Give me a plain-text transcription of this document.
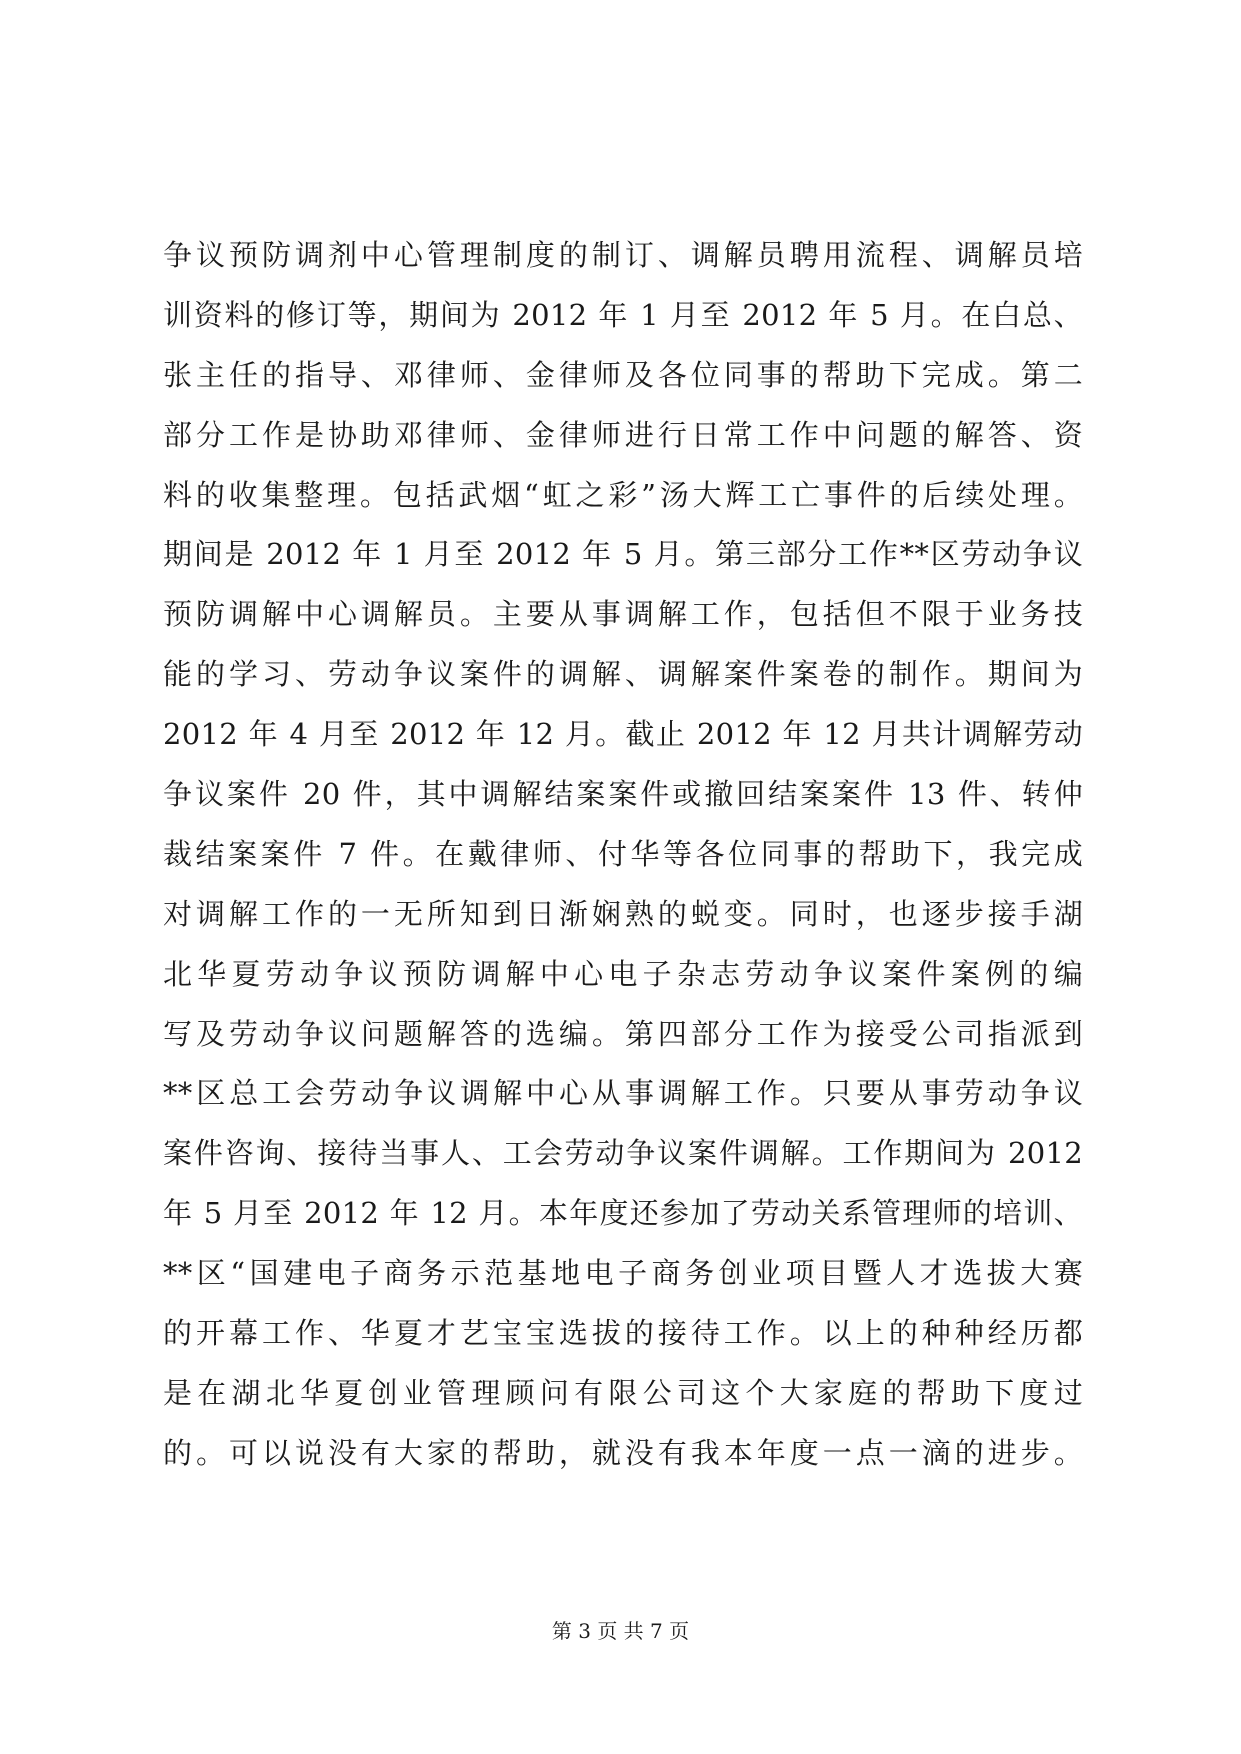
争议预防调剂中心管理制度的制订、调解员聘用流程、调解员培
训资料的修订等，期间为 2012 年 1 月至 2012 年 5 月。在白总、
张主任的指导、邓律师、金律师及各位同事的帮助下完成。第二
部分工作是协助邓律师、金律师进行日常工作中问题的解答、资
料的收集整理。包括武烟“虹之彩”汤大辉工亡事件的后续处理。
期间是 2012 年 1 月至 2012 年 5 月。第三部分工作**区劳动争议
预防调解中心调解员。主要从事调解工作，包括但不限于业务技
能的学习、劳动争议案件的调解、调解案件案卷的制作。期间为
2012 年 4 月至 2012 年 12 月。截止 2012 年 12 月共计调解劳动
争议案件 20 件，其中调解结案案件或撤回结案案件 13 件、转仲
裁结案案件 7 件。在戴律师、付华等各位同事的帮助下，我完成
对调解工作的一无所知到日渐娴熟的蜕变。同时，也逐步接手湖
北华夏劳动争议预防调解中心电子杂志劳动争议案件案例的编
写及劳动争议问题解答的选编。第四部分工作为接受公司指派到
**区总工会劳动争议调解中心从事调解工作。只要从事劳动争议
案件咨询、接待当事人、工会劳动争议案件调解。工作期间为 2012
年 5 月至 2012 年 12 月。本年度还参加了劳动关系管理师的培训、
**区“国建电子商务示范基地电子商务创业项目暨人才选拔大赛
的开幕工作、华夏才艺宝宝选拔的接待工作。以上的种种经历都
是在湖北华夏创业管理顾问有限公司这个大家庭的帮助下度过
的。可以说没有大家的帮助，就没有我本年度一点一滴的进步。
第 3 页 共 7 页
